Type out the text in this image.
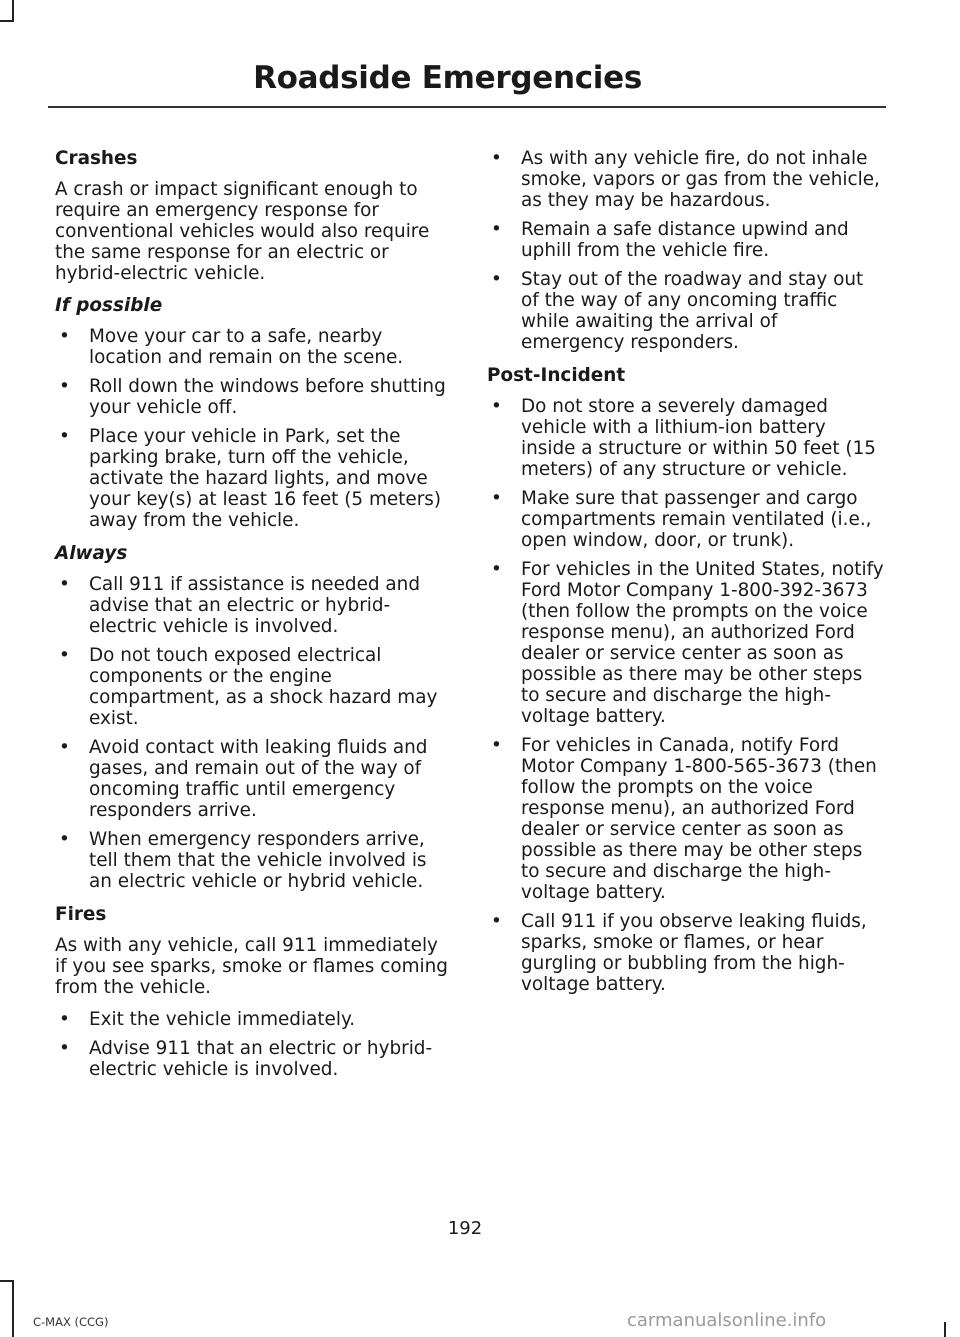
Roadside Emergencies
Crashes
A crash or impact significant enough to require an emergency response for conventional vehicles would also require the same response for an electric or hybrid-electric vehicle.
If possible
• Move your car to a safe, nearby location and remain on the scene.
• Roll down the windows before shutting your vehicle off.
• Place your vehicle in Park, set the parking brake, turn off the vehicle, activate the hazard lights, and move your key(s) at least 16 feet (5 meters) away from the vehicle.
Always
• Call 911 if assistance is needed and advise that an electric or hybrid-electric vehicle is involved.
• Do not touch exposed electrical components or the engine compartment, as a shock hazard may exist.
• Avoid contact with leaking fluids and gases, and remain out of the way of oncoming traffic until emergency responders arrive.
• When emergency responders arrive, tell them that the vehicle involved is an electric vehicle or hybrid vehicle.
Fires
As with any vehicle, call 911 immediately if you see sparks, smoke or flames coming from the vehicle.
• Exit the vehicle immediately.
• Advise 911 that an electric or hybrid-electric vehicle is involved.
• As with any vehicle fire, do not inhale smoke, vapors or gas from the vehicle, as they may be hazardous.
• Remain a safe distance upwind and uphill from the vehicle fire.
• Stay out of the roadway and stay out of the way of any oncoming traffic while awaiting the arrival of emergency responders.
Post-Incident
• Do not store a severely damaged vehicle with a lithium-ion battery inside a structure or within 50 feet (15 meters) of any structure or vehicle.
• Make sure that passenger and cargo compartments remain ventilated (i.e., open window, door, or trunk).
• For vehicles in the United States, notify Ford Motor Company 1-800-392-3673 (then follow the prompts on the voice response menu), an authorized Ford dealer or service center as soon as possible as there may be other steps to secure and discharge the high-voltage battery.
• For vehicles in Canada, notify Ford Motor Company 1-800-565-3673 (then follow the prompts on the voice response menu), an authorized Ford dealer or service center as soon as possible as there may be other steps to secure and discharge the high-voltage battery.
• Call 911 if you observe leaking fluids, sparks, smoke or flames, or hear gurgling or bubbling from the high-voltage battery.
192
C-MAX (CCG)	carmanualsonline.info
